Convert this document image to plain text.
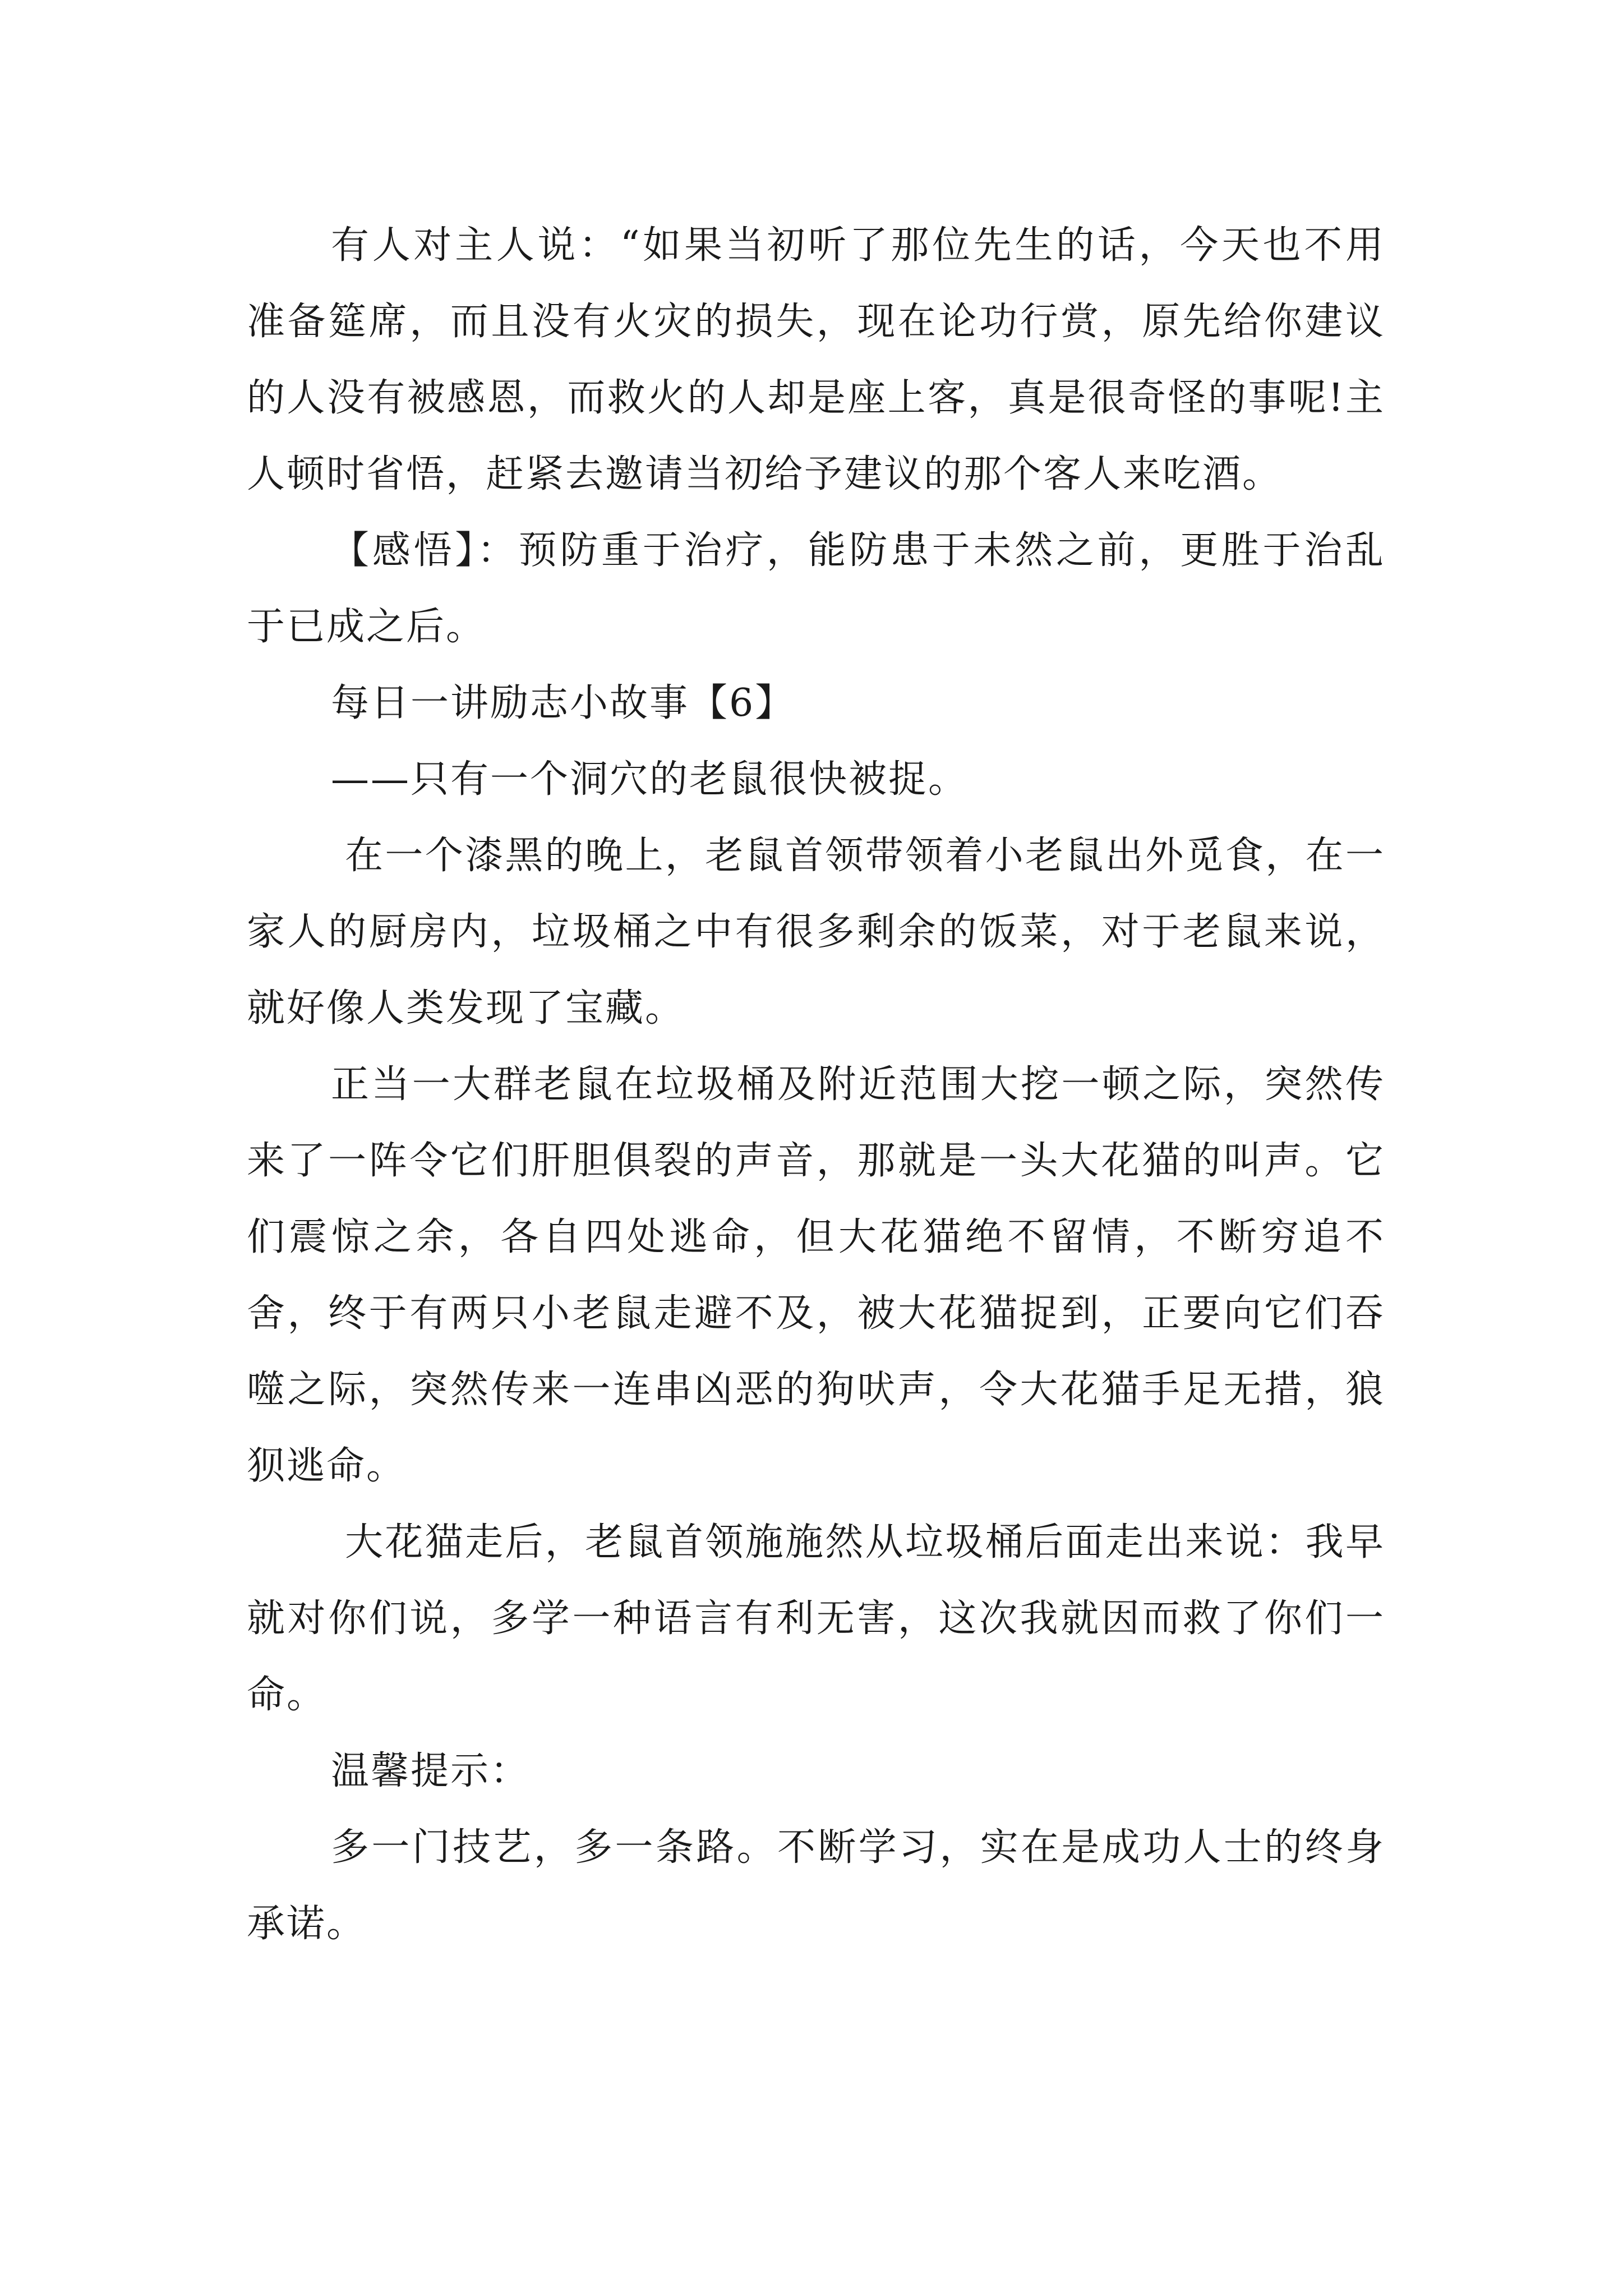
有人对主人说：“如果当初听了那位先生的话，今天也不用准备筵席，而且没有火灾的损失，现在论功行赏，原先给你建议的人没有被感恩，而救火的人却是座上客，真是很奇怪的事呢!主人顿时省悟，赶紧去邀请当初给予建议的那个客人来吃酒。

【感悟】：预防重于治疗，能防患于未然之前，更胜于治乱于已成之后。

每日一讲励志小故事【6】

——只有一个洞穴的老鼠很快被捉。

在一个漆黑的晚上，老鼠首领带领着小老鼠出外觅食，在一家人的厨房内，垃圾桶之中有很多剩余的饭菜，对于老鼠来说，就好像人类发现了宝藏。

正当一大群老鼠在垃圾桶及附近范围大挖一顿之际，突然传来了一阵令它们肝胆俱裂的声音，那就是一头大花猫的叫声。它们震惊之余，各自四处逃命，但大花猫绝不留情，不断穷追不舍，终于有两只小老鼠走避不及，被大花猫捉到，正要向它们吞噬之际，突然传来一连串凶恶的狗吠声，令大花猫手足无措，狼狈逃命。

大花猫走后，老鼠首领施施然从垃圾桶后面走出来说：我早就对你们说，多学一种语言有利无害，这次我就因而救了你们一命。

温馨提示：

多一门技艺，多一条路。不断学习，实在是成功人士的终身承诺。
